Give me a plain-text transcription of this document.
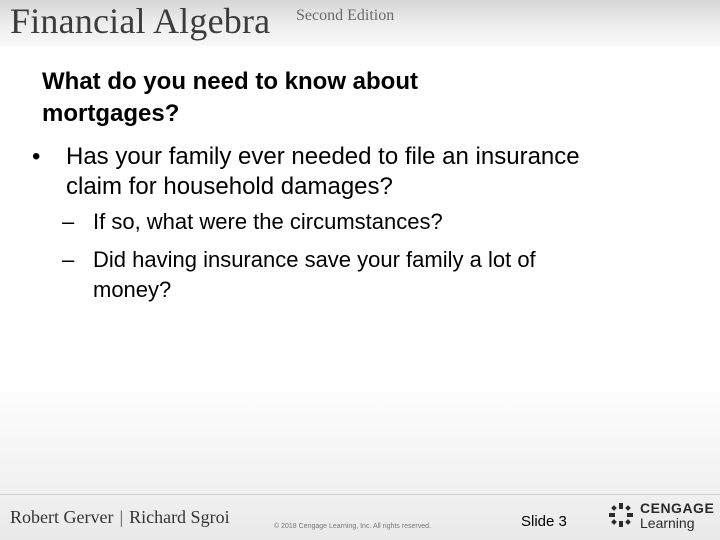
Financial Algebra Second Edition
What do you need to know about
mortgages?
•	Has your family ever needed to file an insurance
claim for household damages?
– If so, what were the circumstances?
– Did having insurance save your family a lot of
money?
Robert Gerver | Richard Sgroi	© 2018 Cengage Learning, Inc. All rights reserved.	Slide 3
CENGAGE
Learning
